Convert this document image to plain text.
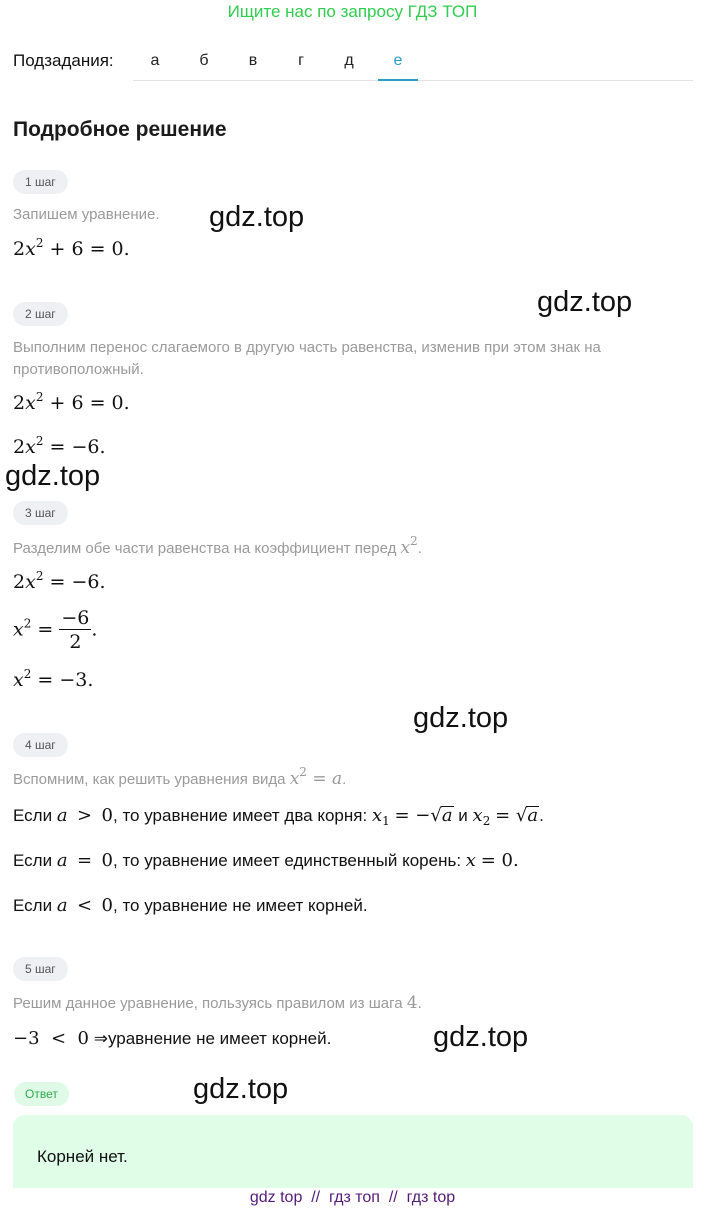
Ищите нас по запросу ГДЗ ТОП
Подзадания:	а	б	в	г	д	е
Подробное решение
1 шаг
Запишем уравнение.
$2x^2 + 6 = 0$.
gdz.top
gdz.top
2 шаг
Выполним перенос слагаемого в другую часть равенства, изменив при этом знак на
противоположный.
$2x^2 + 6 = 0$.
$2x^2 = -6$.
gdz.top
3 шаг
Разделим обе части равенства на коэффициент перед $x^2$.
$2x^2 = -6$.
$x^2 = \frac{-6}{2}$ .
$x^2 = -3$.
gdz.top
4 шаг
Вспомним, как решить уравнения вида $x^2 = a$.
Если a > 0, то уравнение имеет два корня: $x_1 = -√a$ и $x_2 = √a$.
Если a = 0, то уравнение имеет единственный корень: x = 0.
Если a < 0, то уравнение не имеет корней.
5 шаг
Решим данное уравнение, пользуясь правилом из шага 4.
−3  <  0 ⇒уравнение не имеет корней.	gdz.top
gdz.top
Ответ
Корней нет.
gdz top // гдз топ // гдз top
